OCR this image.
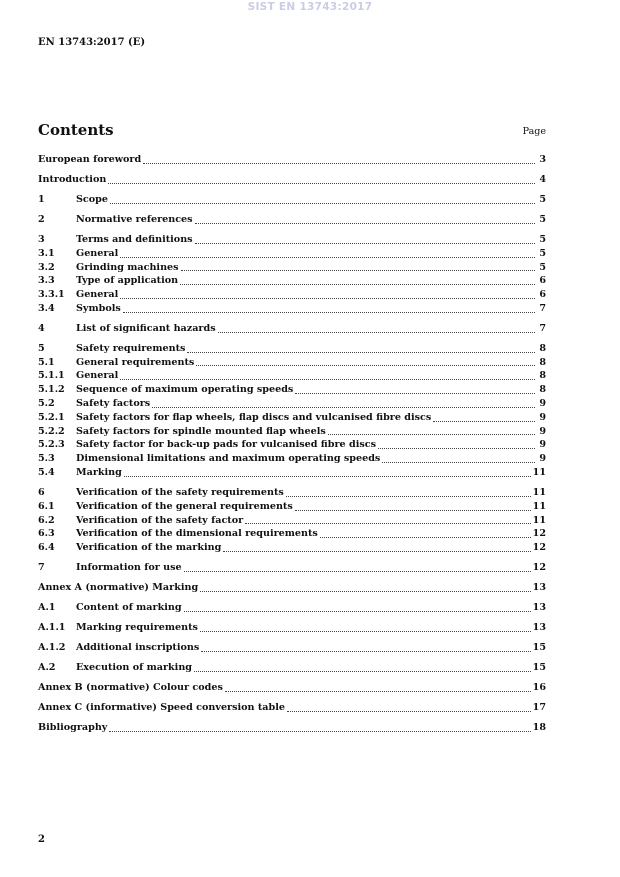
SIST EN 13743:2017
EN 13743:2017 (E)
Contents	Page
European foreword	3
Introduction	4
1	Scope	5
2	Normative references	5
3	Terms and definitions	5
3.1	General	5
3.2	Grinding machines	5
3.3	Type of application	6
3.3.1	General	6
3.4	Symbols	7
4	List of significant hazards	7
5	Safety requirements	8
5.1	General requirements	8
5.1.1	General	8
5.1.2	Sequence of maximum operating speeds	8
5.2	Safety factors	9
5.2.1	Safety factors for flap wheels, flap discs and vulcanised fibre discs	9
5.2.2	Safety factors for spindle mounted flap wheels	9
5.2.3	Safety factor for back-up pads for vulcanised fibre discs	9
5.3	Dimensional limitations and maximum operating speeds	9
5.4	Marking	11
6	Verification of the safety requirements	11
6.1	Verification of the general requirements	11
6.2	Verification of the safety factor	11
6.3	Verification of the dimensional requirements	12
6.4	Verification of the marking	12
7	Information for use	12
Annex A (normative) Marking	13
A.1	Content of marking	13
A.1.1	Marking requirements	13
A.1.2	Additional inscriptions	15
A.2	Execution of marking	15
Annex B (normative) Colour codes	16
Annex C (informative) Speed conversion table	17
Bibliography	18
2
